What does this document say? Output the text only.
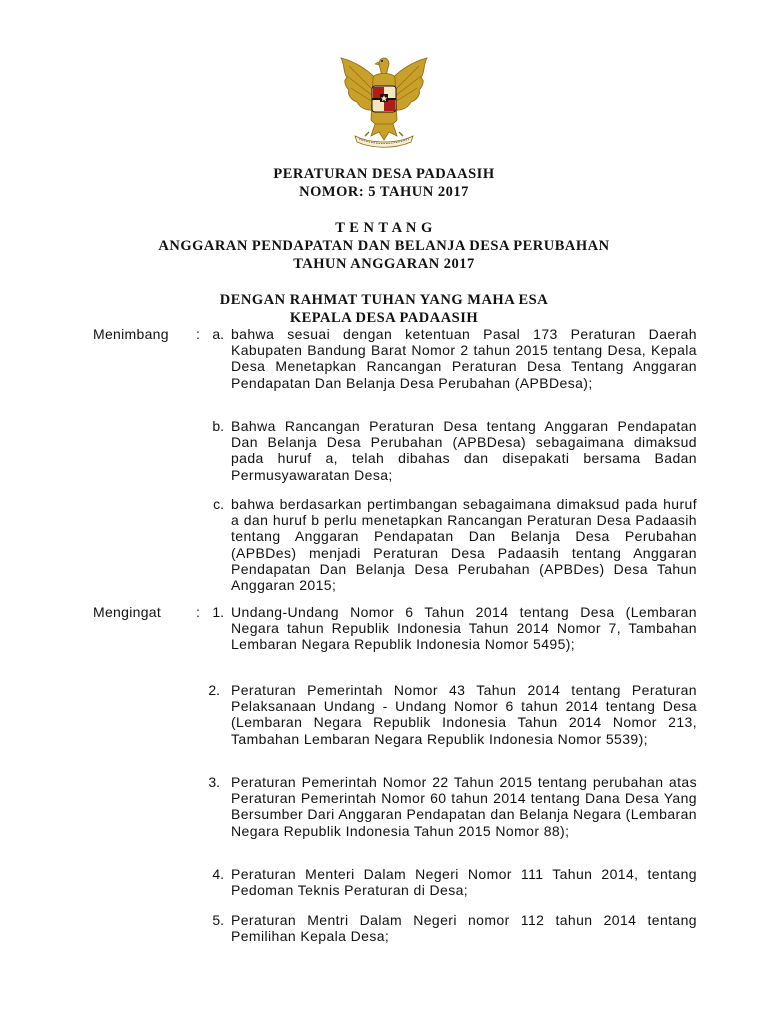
PERATURAN DESA PADAASIH
NOMOR: 5 TAHUN 2017
T E N T A N G
ANGGARAN PENDAPATAN DAN BELANJA DESA PERUBAHAN
TAHUN ANGGARAN 2017
DENGAN RAHMAT TUHAN YANG MAHA ESA
KEPALA DESA PADAASIH
Menimbang : a. bahwa sesuai dengan ketentuan Pasal 173 Peraturan Daerah Kabupaten Bandung Barat Nomor 2 tahun 2015 tentang Desa, Kepala Desa Menetapkan Rancangan Peraturan Desa Tentang Anggaran Pendapatan Dan Belanja Desa Perubahan (APBDesa);
b. Bahwa Rancangan Peraturan Desa tentang Anggaran Pendapatan Dan Belanja Desa Perubahan (APBDesa) sebagaimana dimaksud pada huruf a, telah dibahas dan disepakati bersama Badan Permusyawaratan Desa;
c. bahwa berdasarkan pertimbangan sebagaimana dimaksud pada huruf a dan huruf b perlu menetapkan Rancangan Peraturan Desa Padaasih tentang Anggaran Pendapatan Dan Belanja Desa Perubahan (APBDes) menjadi Peraturan Desa Padaasih tentang Anggaran Pendapatan Dan Belanja Desa Perubahan (APBDes) Desa Tahun Anggaran 2015;
Mengingat : 1. Undang-Undang Nomor 6 Tahun 2014 tentang Desa (Lembaran Negara tahun Republik Indonesia Tahun 2014 Nomor 7, Tambahan Lembaran Negara Republik Indonesia Nomor 5495);
2. Peraturan Pemerintah Nomor 43 Tahun 2014 tentang Peraturan Pelaksanaan Undang - Undang Nomor 6 tahun 2014 tentang Desa (Lembaran Negara Republik Indonesia Tahun 2014 Nomor 213, Tambahan Lembaran Negara Republik Indonesia Nomor 5539);
3. Peraturan Pemerintah Nomor 22 Tahun 2015 tentang perubahan atas Peraturan Pemerintah Nomor 60 tahun 2014 tentang Dana Desa Yang Bersumber Dari Anggaran Pendapatan dan Belanja Negara (Lembaran Negara Republik Indonesia Tahun 2015 Nomor 88);
4. Peraturan Menteri Dalam Negeri Nomor 111 Tahun 2014, tentang Pedoman Teknis Peraturan di Desa;
5. Peraturan Mentri Dalam Negeri nomor 112 tahun 2014 tentang Pemilihan Kepala Desa;
